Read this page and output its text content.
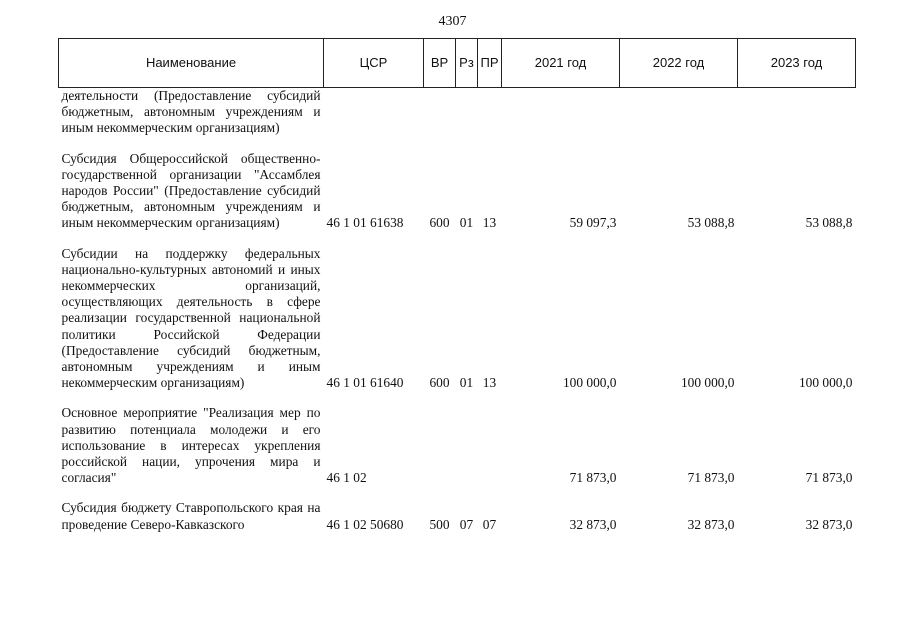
4307
Наименование	ЦСР	ВР	Рз	ПР	2021 год	2022 год	2023 год
деятельности (Предоставление субсидий бюджетным, автономным учреждениям и иным некоммерческим организациям)							

Субсидия Общероссийской общественно-государственной организации "Ассамблея народов России" (Предоставление субсидий бюджетным, автономным учреждениям и иным некоммерческим организациям)	46 1 01 61638	600	01	13	59 097,3	53 088,8	53 088,8

Субсидии на поддержку федеральных национально-культурных автономий и иных некоммерческих организаций, осуществляющих деятельность в сфере реализации государственной национальной политики Российской Федерации (Предоставление субсидий бюджетным, автономным учреждениям и иным некоммерческим организациям)	46 1 01 61640	600	01	13	100 000,0	100 000,0	100 000,0

Основное мероприятие "Реализация мер по развитию потенциала молодежи и его использование в интересах укрепления российской нации, упрочения мира и согласия"	46 1 02				71 873,0	71 873,0	71 873,0

Субсидия бюджету Ставропольского края на проведение Северо-Кавказского	46 1 02 50680	500	07	07	32 873,0	32 873,0	32 873,0
